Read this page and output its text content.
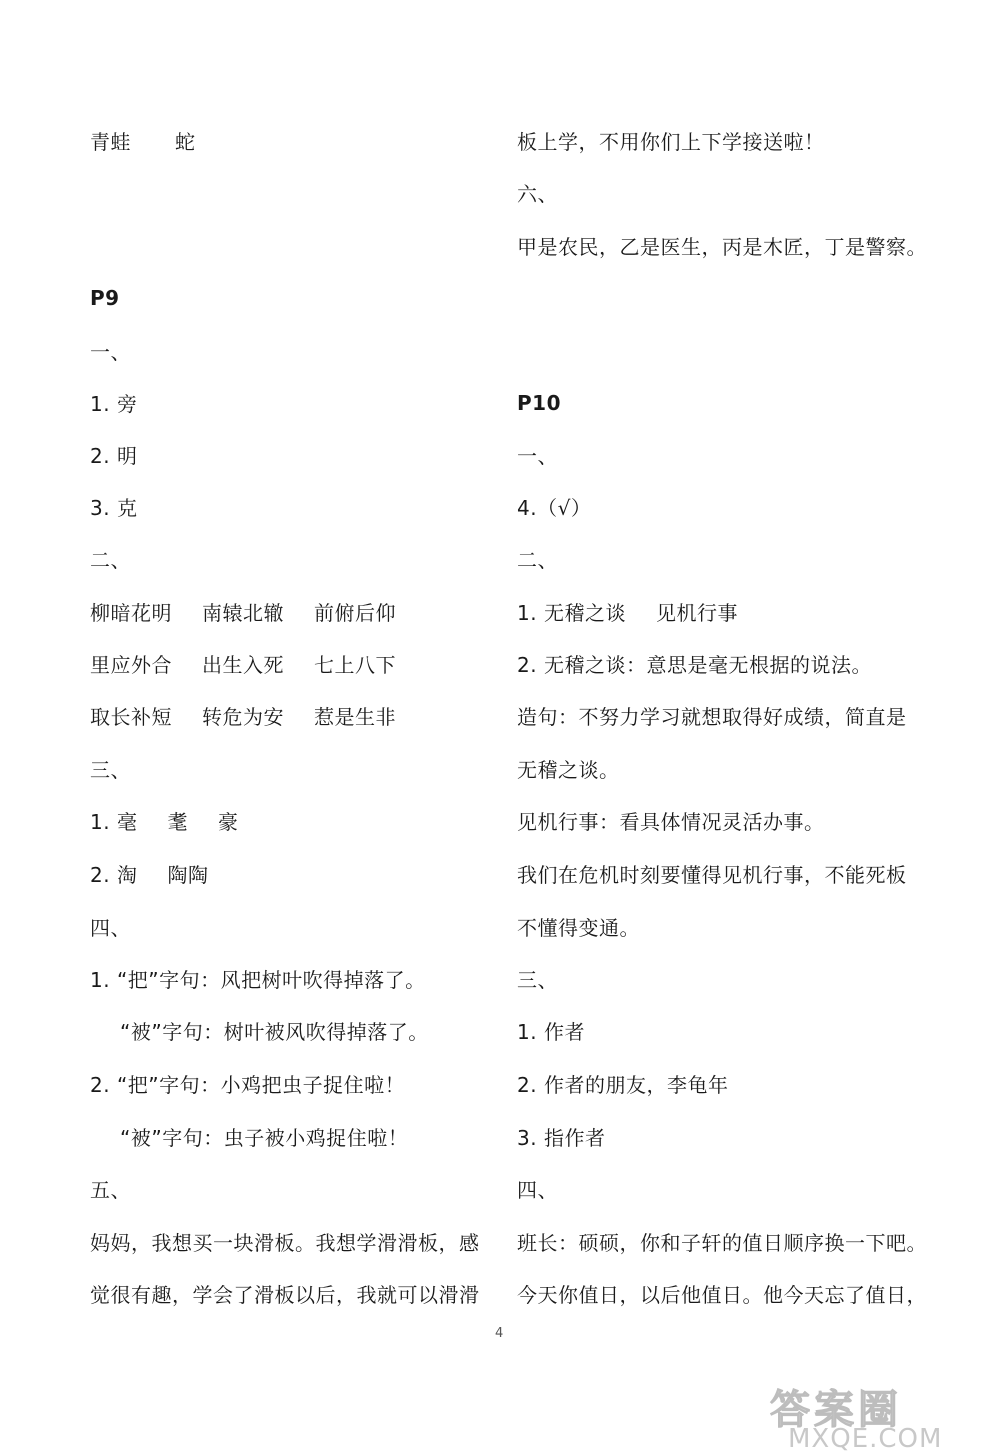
青蛙 蛇
P9
一、
1. 旁
2. 明
3. 克
二、
柳暗花明 南辕北辙 前俯后仰
里应外合 出生入死 七上八下
取长补短 转危为安 惹是生非
三、
1. 毫 耄 豪
2. 淘 陶陶
四、
1. “把”字句：风把树叶吹得掉落了。
“被”字句：树叶被风吹得掉落了。
2. “把”字句：小鸡把虫子捉住啦！
“被”字句：虫子被小鸡捉住啦！
五、
妈妈，我想买一块滑板。我想学滑滑板，感
觉很有趣，学会了滑板以后，我就可以滑滑
板上学，不用你们上下学接送啦！
六、
甲是农民，乙是医生，丙是木匠，丁是警察。
P10
一、
4.（√）
二、
1. 无稽之谈 见机行事
2. 无稽之谈：意思是毫无根据的说法。
造句：不努力学习就想取得好成绩，简直是
无稽之谈。
见机行事：看具体情况灵活办事。
我们在危机时刻要懂得见机行事，不能死板
不懂得变通。
三、
1. 作者
2. 作者的朋友，李龟年
3. 指作者
四、
班长：硕硕，你和子轩的值日顺序换一下吧。
今天你值日，以后他值日。他今天忘了值日，
4
答案圈
MXQE.COM
